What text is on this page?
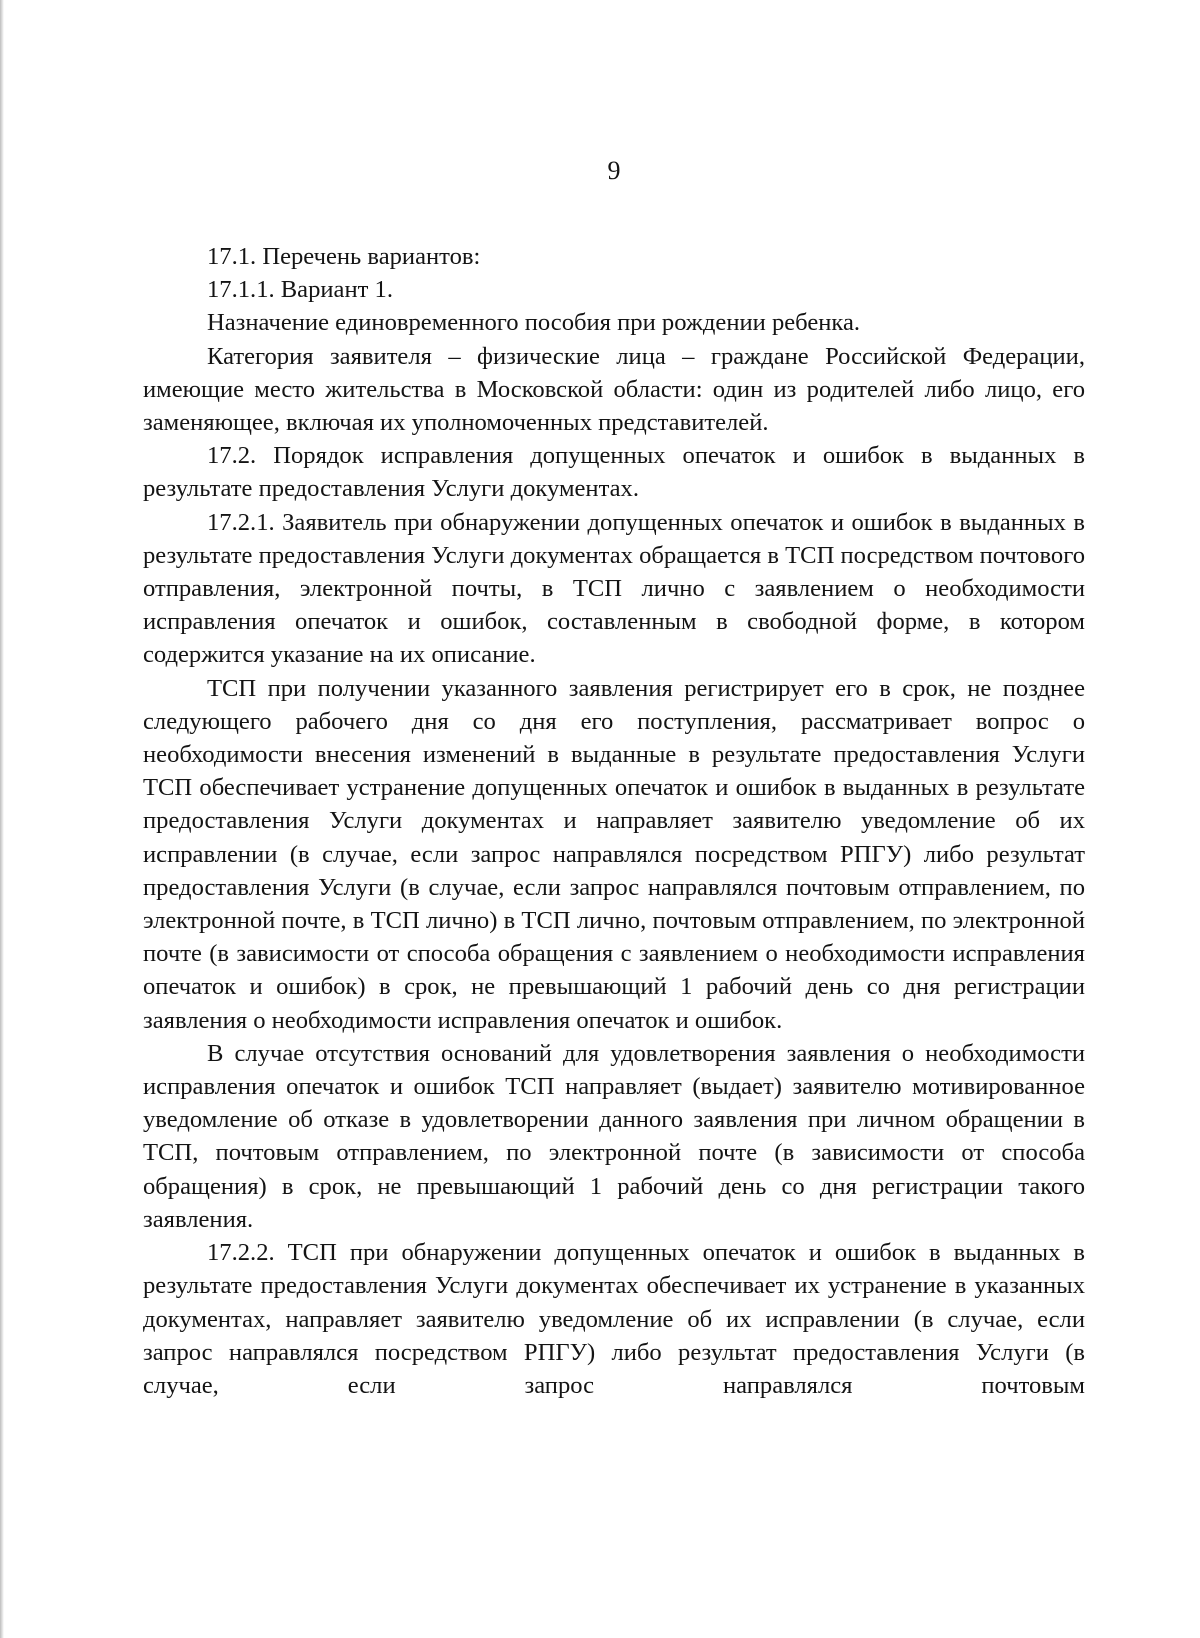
9

17.1. Перечень вариантов:

17.1.1. Вариант 1.

Назначение единовременного пособия при рождении ребенка.

Категория заявителя – физические лица – граждане Российской Федерации, имеющие место жительства в Московской области: один из родителей либо лицо, его заменяющее, включая их уполномоченных представителей.

17.2. Порядок исправления допущенных опечаток и ошибок в выданных в результате предоставления Услуги документах.

17.2.1. Заявитель при обнаружении допущенных опечаток и ошибок в выданных в результате предоставления Услуги документах обращается в ТСП посредством почтового отправления, электронной почты, в ТСП лично с заявлением о необходимости исправления опечаток и ошибок, составленным в свободной форме, в котором содержится указание на их описание.

ТСП при получении указанного заявления регистрирует его в срок, не позднее следующего рабочего дня со дня его поступления, рассматривает вопрос о необходимости внесения изменений в выданные в результате предоставления Услуги ТСП обеспечивает устранение допущенных опечаток и ошибок в выданных в результате предоставления Услуги документах и направляет заявителю уведомление об их исправлении (в случае, если запрос направлялся посредством РПГУ) либо результат предоставления Услуги (в случае, если запрос направлялся почтовым отправлением, по электронной почте, в ТСП лично) в ТСП лично, почтовым отправлением, по электронной почте (в зависимости от способа обращения с заявлением о необходимости исправления опечаток и ошибок) в срок, не превышающий 1 рабочий день со дня регистрации заявления о необходимости исправления опечаток и ошибок.

В случае отсутствия оснований для удовлетворения заявления о необходимости исправления опечаток и ошибок ТСП направляет (выдает) заявителю мотивированное уведомление об отказе в удовлетворении данного заявления при личном обращении в ТСП, почтовым отправлением, по электронной почте (в зависимости от способа обращения) в срок, не превышающий 1 рабочий день со дня регистрации такого заявления.

17.2.2. ТСП при обнаружении допущенных опечаток и ошибок в выданных в результате предоставления Услуги документах обеспечивает их устранение в указанных документах, направляет заявителю уведомление об их исправлении (в случае, если запрос направлялся посредством РПГУ) либо результат предоставления Услуги (в случае, если запрос направлялся почтовым
